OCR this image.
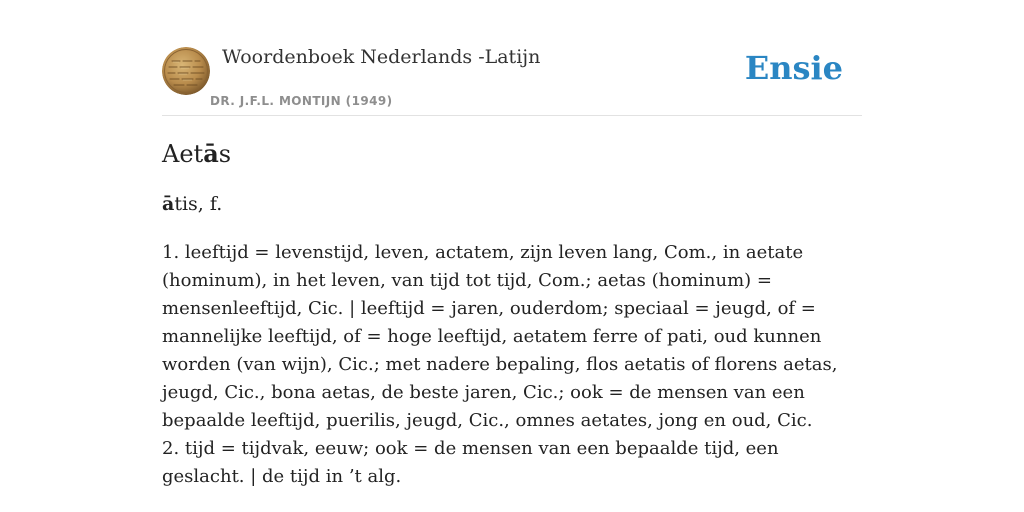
Woordenboek Nederlands -Latijn
DR. J.F.L. MONTIJN (1949)
Ensie
Aetās
ātis, f.

1. leeftijd = levenstijd, leven, actatem, zijn leven lang, Com., in aetate (hominum), in het leven, van tijd tot tijd, Com.; aetas (hominum) = mensenleeftijd, Cic. | leeftijd = jaren, ouderdom; speciaal = jeugd, of = mannelijke leeftijd, of = hoge leeftijd, aetatem ferre of pati, oud kunnen worden (van wijn), Cic.; met nadere bepaling, flos aetatis of florens aetas, jeugd, Cic., bona aetas, de beste jaren, Cic.; ook = de mensen van een bepaalde leeftijd, puerilis, jeugd, Cic., omnes aetates, jong en oud, Cic.

2. tijd = tijdvak, eeuw; ook = de mensen van een bepaalde tijd, een geslacht. | de tijd in ’t alg.
